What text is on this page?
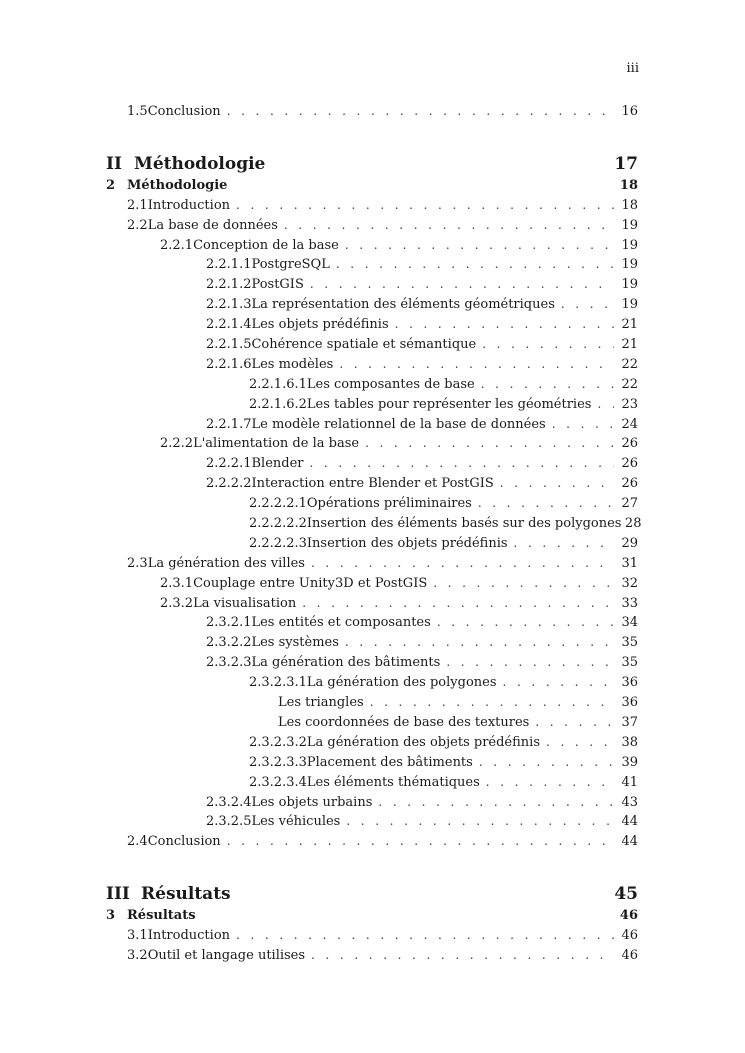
iii
1.5 Conclusion . . .	16
II Méthodologie	17
2 Méthodologie	18
2.1 Introduction . . .	18
2.2 La base de données . . .	19
2.2.1 Conception de la base . . .	19
2.2.1.1 PostgreSQL . . .	19
2.2.1.2 PostGIS . . .	19
2.2.1.3 La représentation des éléments géométriques . . .	19
2.2.1.4 Les objets prédéfinis . . .	21
2.2.1.5 Cohérence spatiale et sémantique . . .	21
2.2.1.6 Les modèles . . .	22
2.2.1.6.1 Les composantes de base . . .	22
2.2.1.6.2 Les tables pour représenter les géométries . . . 23
2.2.1.7 Le modèle relationnel de la base de données . . .	24
2.2.2 L'alimentation de la base . . .	26
2.2.2.1 Blender . . .	26
2.2.2.2 Interaction entre Blender et PostGIS . . .	26
2.2.2.2.1 Opérations préliminaires . . .	27
2.2.2.2.2 Insertion des éléments basés sur des polygones 28
2.2.2.2.3 Insertion des objets prédéfinis . . .	29
2.3 La génération des villes . . .	31
2.3.1 Couplage entre Unity3D et PostGIS . . .	32
2.3.2 La visualisation . . .	33
2.3.2.1 Les entités et composantes . . .	34
2.3.2.2 Les systèmes . . .	35
2.3.2.3 La génération des bâtiments . . .	35
2.3.2.3.1 La génération des polygones . . .	36
Les triangles . . .	36
Les coordonnées de base des textures . . .	37
2.3.2.3.2 La génération des objets prédéfinis . . .	38
2.3.2.3.3 Placement des bâtiments . . .	39
2.3.2.3.4 Les éléments thématiques . . .	41
2.3.2.4 Les objets urbains . . .	43
2.3.2.5 Les véhicules . . .	44
2.4 Conclusion . . .	44
III Résultats	45
3 Résultats	46
3.1 Introduction . . .	46
3.2 Outil et langage utilises . . .	46
